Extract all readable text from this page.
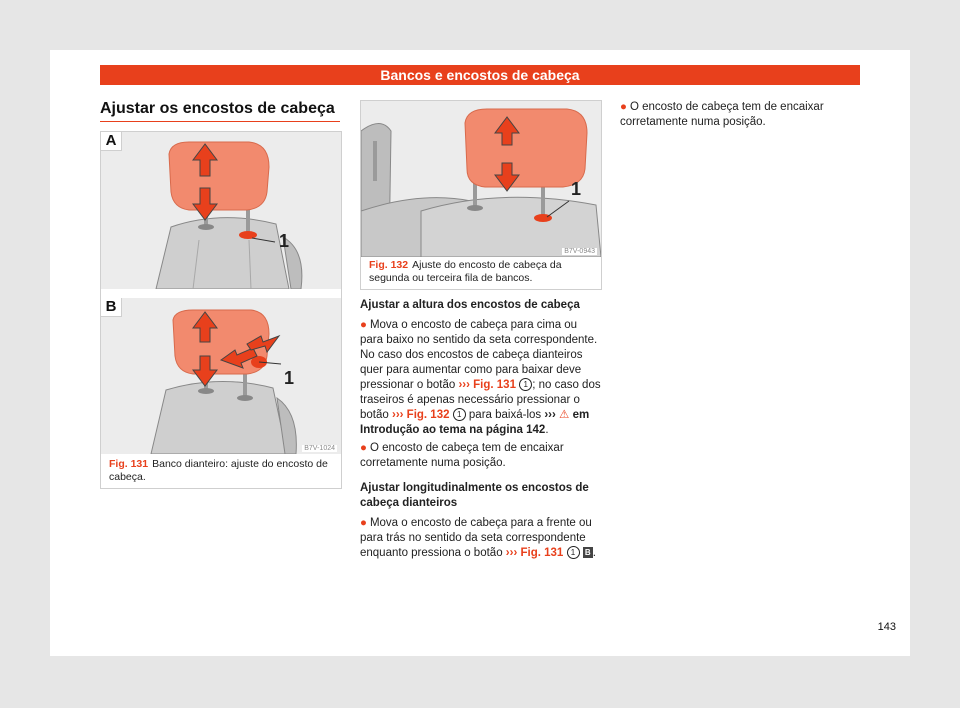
Bancos e encostos de cabeça
Ajustar os encostos de cabeça
A
1
B
1
B7V-1024
Fig. 131 Banco dianteiro: ajuste do encosto de cabeça.
1
B7V-0943
Fig. 132 Ajuste do encosto de cabeça da segunda ou terceira fila de bancos.

Ajustar a altura dos encostos de cabeça

● Mova o encosto de cabeça para cima ou para baixo no sentido da seta correspondente. No caso dos encostos de cabeça dianteiros quer para aumentar como para baixar deve pressionar o botão ››› Fig. 131 1 ; no caso dos traseiros é apenas necessário pressionar o botão ››› Fig. 132 1 para baixá-los ››› ⚠ em Introdução ao tema na página 142.

● O encosto de cabeça tem de encaixar corretamente numa posição.

Ajustar longitudinalmente os encostos de cabeça dianteiros

● Mova o encosto de cabeça para a frente ou para trás no sentido da seta correspondente enquanto pressiona o botão ››› Fig. 131 1 B .

● O encosto de cabeça tem de encaixar corretamente numa posição.

143
